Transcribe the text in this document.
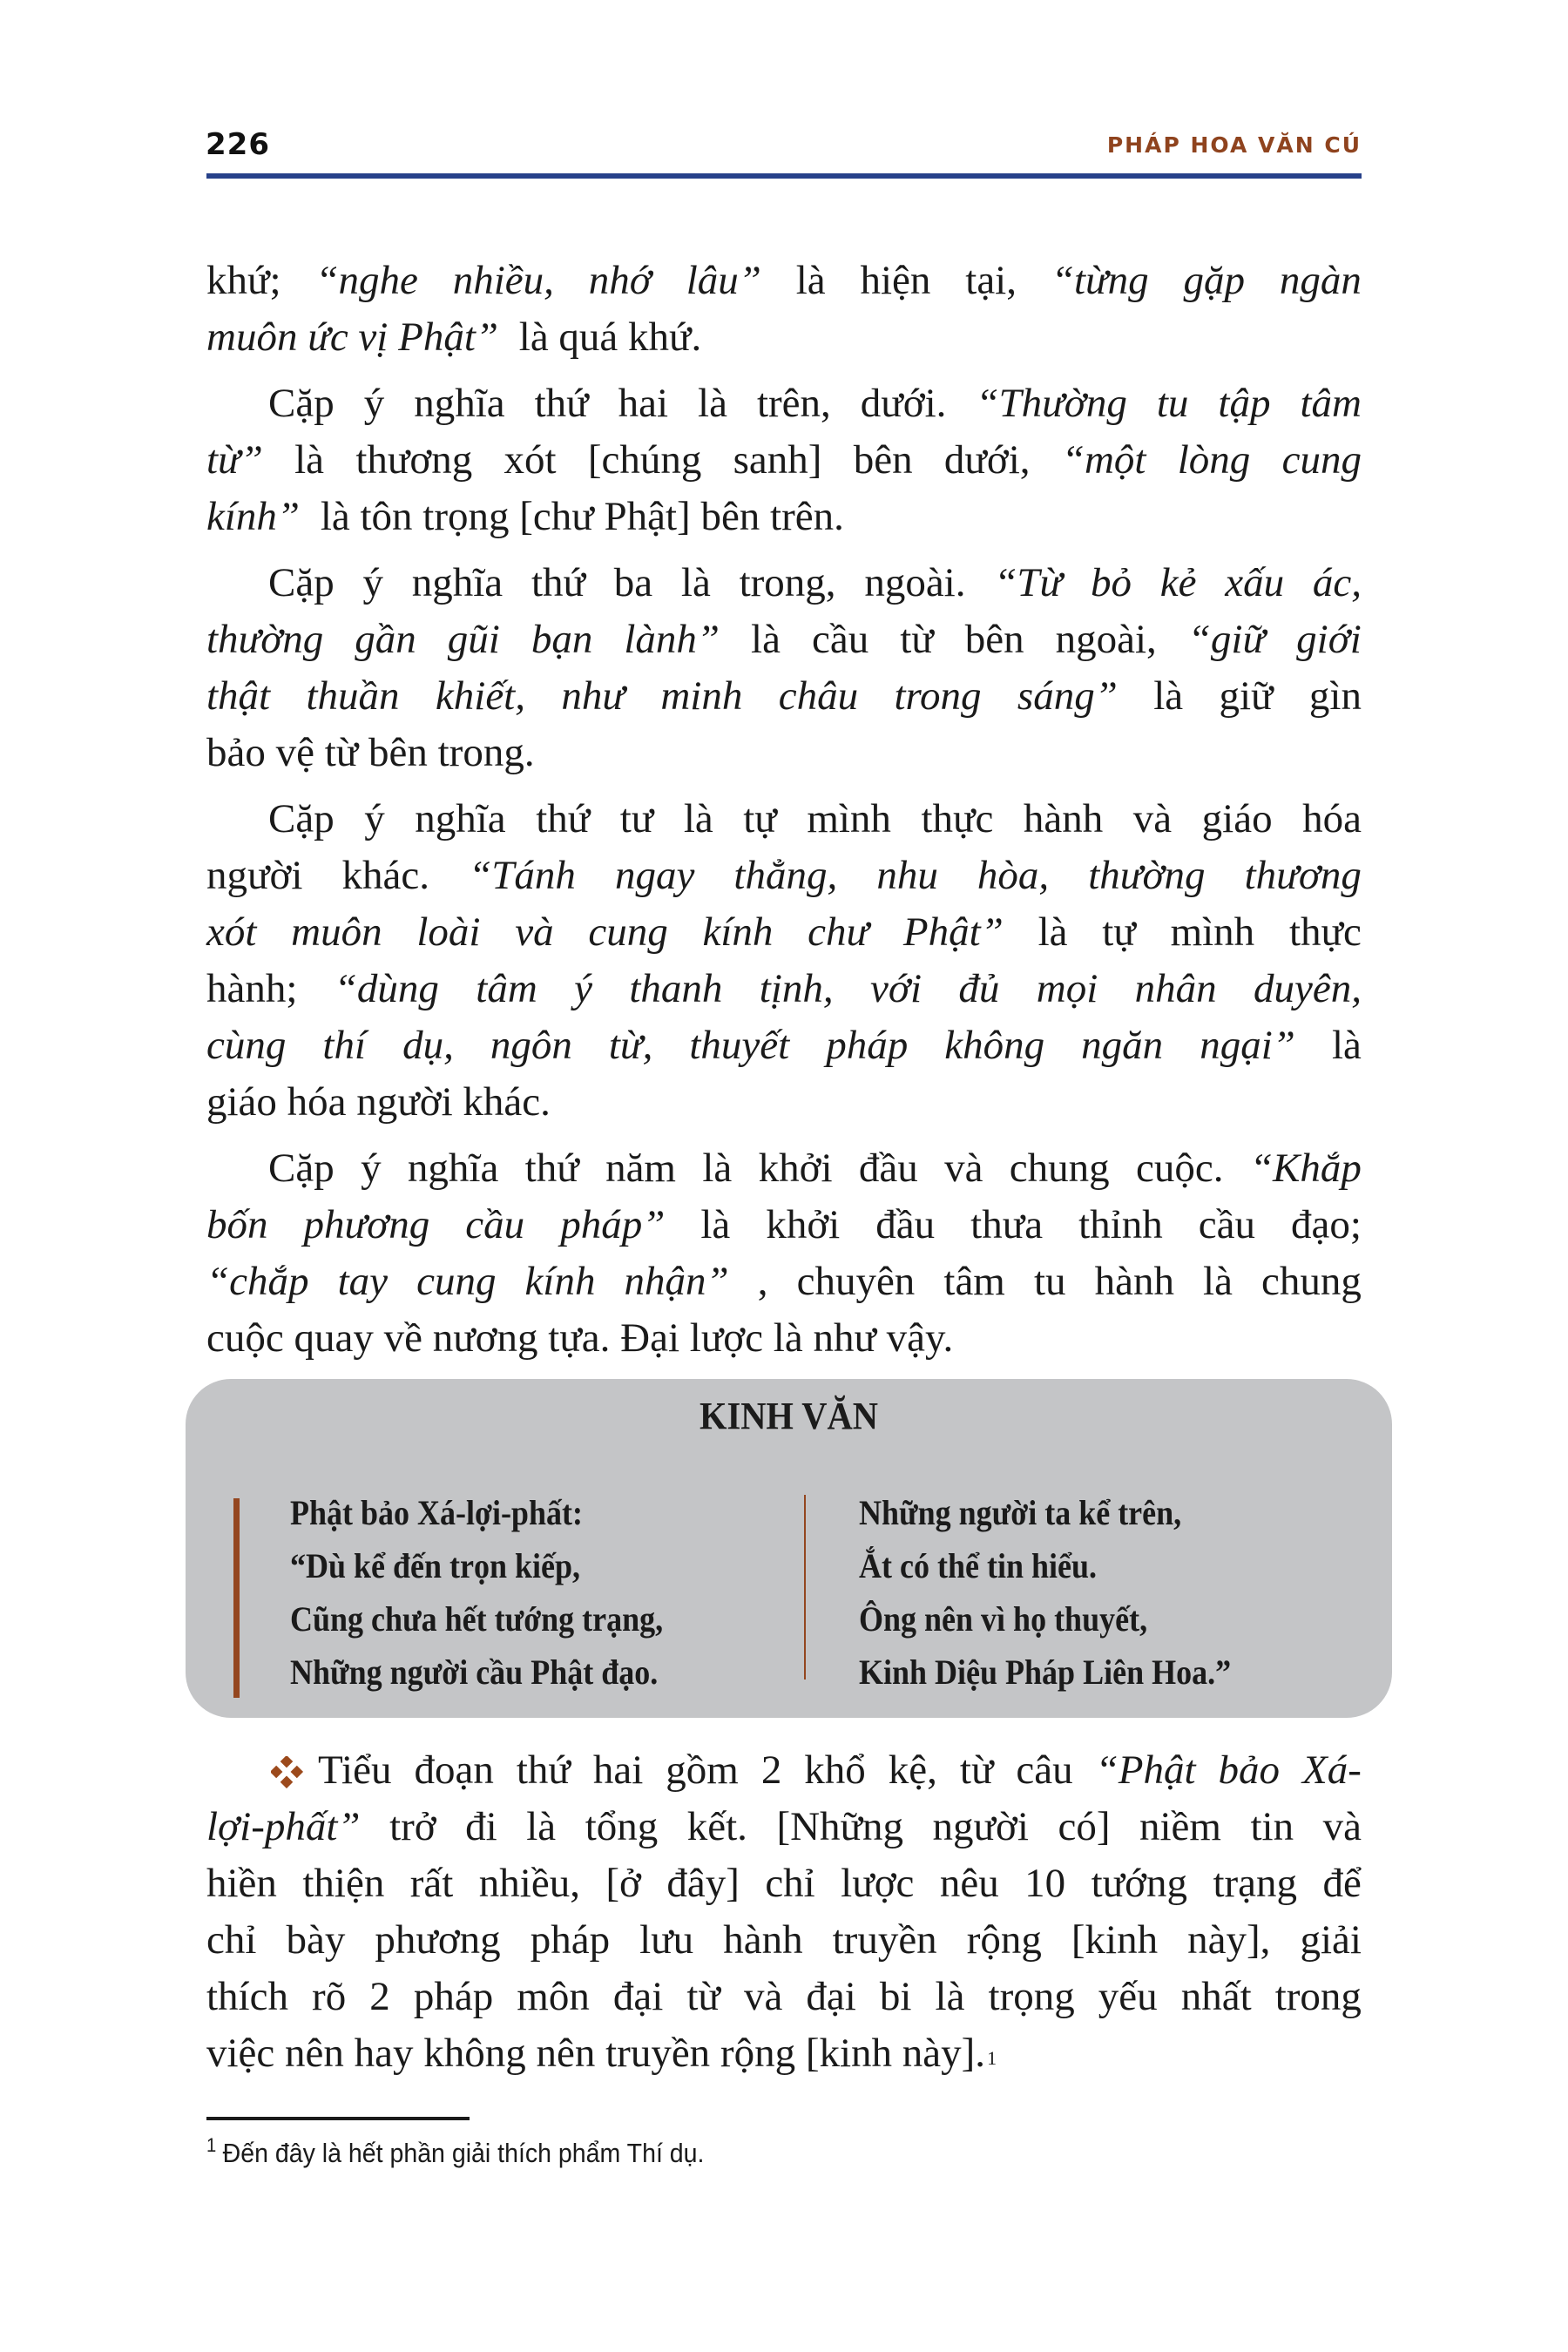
226	PHÁP HOA VĂN CÚ
khứ; “nghe nhiều, nhớ lâu” là hiện tại, “từng gặp ngàn
muôn ức vị Phật” là quá khứ.
Cặp ý nghĩa thứ hai là trên, dưới. “Thường tu tập tâm
từ” là thương xót [chúng sanh] bên dưới, “một lòng cung
kính” là tôn trọng [chư Phật] bên trên.
Cặp ý nghĩa thứ ba là trong, ngoài. “Từ bỏ kẻ xấu ác,
thường gần gũi bạn lành” là cầu từ bên ngoài, “giữ giới
thật thuần khiết, như minh châu trong sáng” là giữ gìn
bảo vệ từ bên trong.
Cặp ý nghĩa thứ tư là tự mình thực hành và giáo hóa
người khác. “Tánh ngay thẳng, nhu hòa, thường thương
xót muôn loài và cung kính chư Phật” là tự mình thực
hành; “dùng tâm ý thanh tịnh, với đủ mọi nhân duyên,
cùng thí dụ, ngôn từ, thuyết pháp không ngăn ngại” là
giáo hóa người khác.
Cặp ý nghĩa thứ năm là khởi đầu và chung cuộc. “Khắp
bốn phương cầu pháp” là khởi đầu thưa thỉnh cầu đạo;
“chắp tay cung kính nhận” , chuyên tâm tu hành là chung
cuộc quay về nương tựa. Đại lược là như vậy.
KINH VĂN
Phật bảo Xá-lợi-phất:
“Dù kể đến trọn kiếp,
Cũng chưa hết tướng trạng,
Những người cầu Phật đạo.
Những người ta kể trên,
Ắt có thể tin hiểu.
Ông nên vì họ thuyết,
Kinh Diệu Pháp Liên Hoa.”
Tiểu đoạn thứ hai gồm 2 khổ kệ, từ câu “Phật bảo Xá-
lợi-phất” trở đi là tổng kết. [Những người có] niềm tin và
hiền thiện rất nhiều, [ở đây] chỉ lược nêu 10 tướng trạng để
chỉ bày phương pháp lưu hành truyền rộng [kinh này], giải
thích rõ 2 pháp môn đại từ và đại bi là trọng yếu nhất trong
việc nên hay không nên truyền rộng [kinh này]. 1
$^1$ Đến đây là hết phần giải thích phẩm Thí dụ.
